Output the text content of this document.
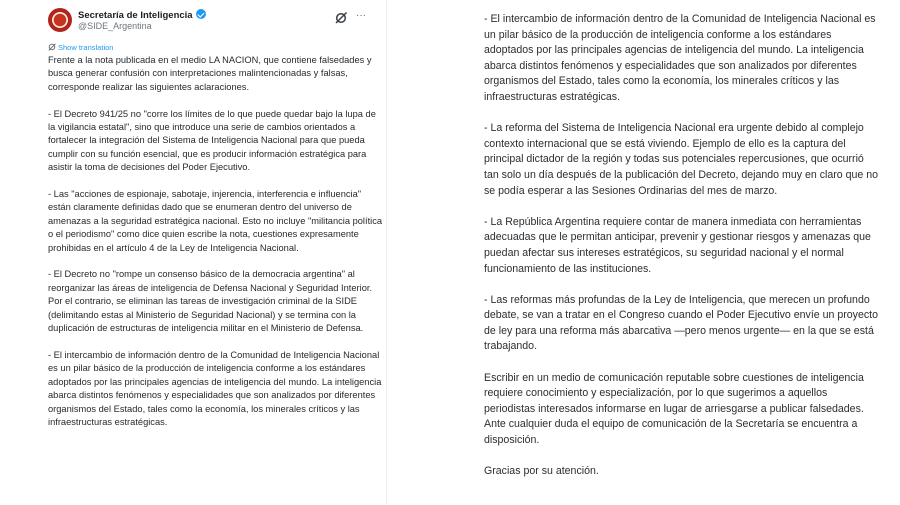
Secretaría de Inteligencia
@SIDE_Argentina
···
Show translation

Frente a la nota publicada en el medio LA NACION, que contiene falsedades y busca generar confusión con interpretaciones malintencionadas y falsas, corresponde realizar las siguientes aclaraciones.

- El Decreto 941/25 no "corre los límites de lo que puede quedar bajo la lupa de la vigilancia estatal", sino que introduce una serie de cambios orientados a fortalecer la integración del Sistema de Inteligencia Nacional para que pueda cumplir con su función esencial, que es producir información estratégica para asistir la toma de decisiones del Poder Ejecutivo.

- Las "acciones de espionaje, sabotaje, injerencia, interferencia e influencia" están claramente definidas dado que se enumeran dentro del universo de amenazas a la seguridad estratégica nacional. Esto no incluye "militancia política o el periodismo" como dice quien escribe la nota, cuestiones expresamente prohibidas en el artículo 4 de la Ley de Inteligencia Nacional.

- El Decreto no "rompe un consenso básico de la democracia argentina" al reorganizar las áreas de inteligencia de Defensa Nacional y Seguridad Interior. Por el contrario, se eliminan las tareas de investigación criminal de la SIDE (delimitando estas al Ministerio de Seguridad Nacional) y se termina con la duplicación de estructuras de inteligencia militar en el Ministerio de Defensa.

- El intercambio de información dentro de la Comunidad de Inteligencia Nacional es un pilar básico de la producción de inteligencia conforme a los estándares adoptados por las principales agencias de inteligencia del mundo. La inteligencia abarca distintos fenómenos y especialidades que son analizados por diferentes organismos del Estado, tales como la economía, los minerales críticos y las infraestructuras estratégicas.

- El intercambio de información dentro de la Comunidad de Inteligencia Nacional es un pilar básico de la producción de inteligencia conforme a los estándares adoptados por las principales agencias de inteligencia del mundo. La inteligencia abarca distintos fenómenos y especialidades que son analizados por diferentes organismos del Estado, tales como la economía, los minerales críticos y las infraestructuras estratégicas.

- La reforma del Sistema de Inteligencia Nacional era urgente debido al complejo contexto internacional que se está viviendo. Ejemplo de ello es la captura del principal dictador de la región y todas sus potenciales repercusiones, que ocurrió tan solo un día después de la publicación del Decreto, dejando muy en claro que no se podía esperar a las Sesiones Ordinarias del mes de marzo.

- La República Argentina requiere contar de manera inmediata con herramientas adecuadas que le permitan anticipar, prevenir y gestionar riesgos y amenazas que puedan afectar sus intereses estratégicos, su seguridad nacional y el normal funcionamiento de las instituciones.

- Las reformas más profundas de la Ley de Inteligencia, que merecen un profundo debate, se van a tratar en el Congreso cuando el Poder Ejecutivo envíe un proyecto de ley para una reforma más abarcativa —pero menos urgente— en la que se está trabajando.

Escribir en un medio de comunicación reputable sobre cuestiones de inteligencia requiere conocimiento y especialización, por lo que sugerimos a aquellos periodistas interesados informarse en lugar de arriesgarse a publicar falsedades. Ante cualquier duda el equipo de comunicación de la Secretaría se encuentra a disposición.

Gracias por su atención.
